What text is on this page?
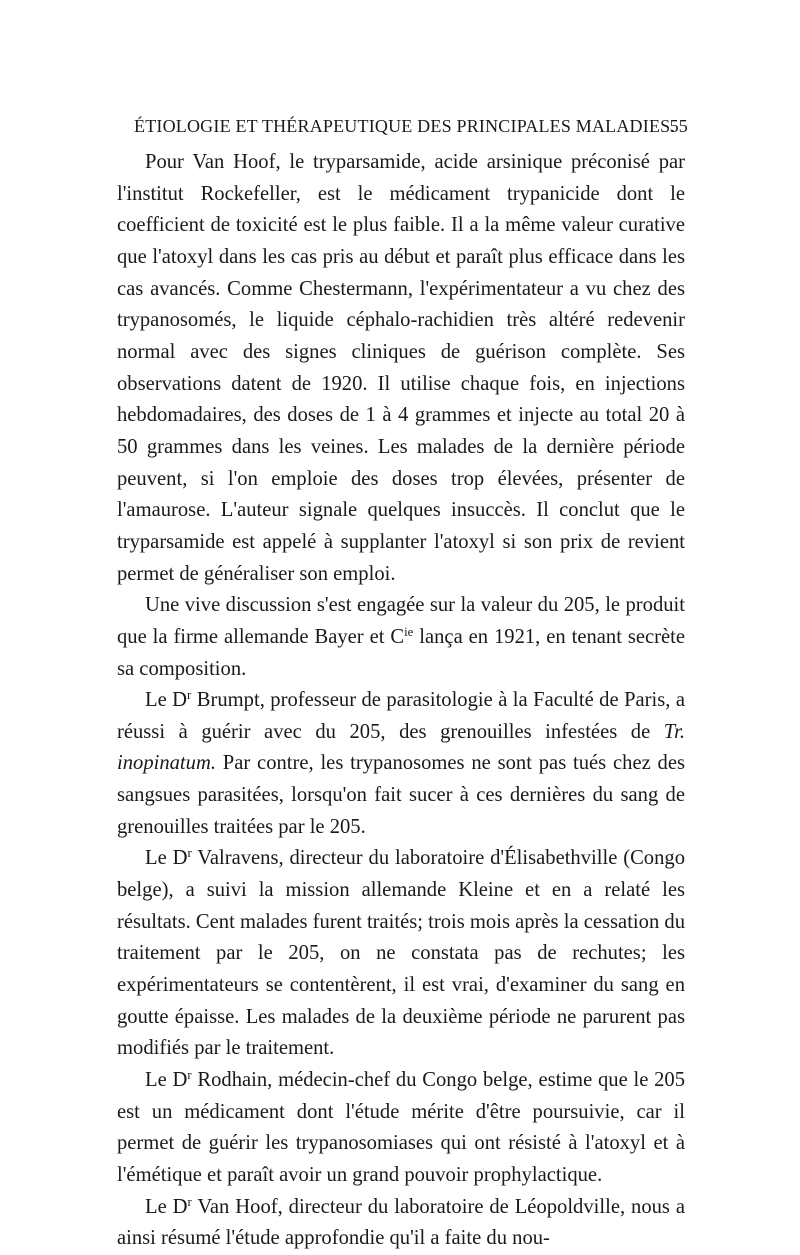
ÉTIOLOGIE ET THÉRAPEUTIQUE DES PRINCIPALES MALADIES.
55

Pour Van Hoof, le tryparsamide, acide arsinique préconisé par l'institut Rockefeller, est le médicament trypanicide dont le coefficient de toxicité est le plus faible. Il a la même valeur curative que l'atoxyl dans les cas pris au début et paraît plus efficace dans les cas avancés. Comme Chestermann, l'expérimentateur a vu chez des trypanosomés, le liquide céphalo-rachidien très altéré redevenir normal avec des signes cliniques de guérison complète. Ses observations datent de 1920. Il utilise chaque fois, en injections hebdomadaires, des doses de 1 à 4 grammes et injecte au total 20 à 50 grammes dans les veines. Les malades de la dernière période peuvent, si l'on emploie des doses trop élevées, présenter de l'amaurose. L'auteur signale quelques insuccès. Il conclut que le tryparsamide est appelé à supplanter l'atoxyl si son prix de revient permet de généraliser son emploi.

Une vive discussion s'est engagée sur la valeur du 205, le produit que la firme allemande Bayer et $C^{ie}$ lança en 1921, en tenant secrète sa composition.

Le $D^r$ Brumpt, professeur de parasitologie à la Faculté de Paris, a réussi à guérir avec du 205, des grenouilles infestées de Tr. inopinatum. Par contre, les trypanosomes ne sont pas tués chez des sangsues parasitées, lorsqu'on fait sucer à ces dernières du sang de grenouilles traitées par le 205.

Le $D^r$ Valravens, directeur du laboratoire d'Élisabethville (Congo belge), a suivi la mission allemande Kleine et en a relaté les résultats. Cent malades furent traités; trois mois après la cessation du traitement par le 205, on ne constata pas de rechutes; les expérimentateurs se contentèrent, il est vrai, d'examiner du sang en goutte épaisse. Les malades de la deuxième période ne parurent pas modifiés par le traitement.

Le $D^r$ Rodhain, médecin-chef du Congo belge, estime que le 205 est un médicament dont l'étude mérite d'être poursuivie, car il permet de guérir les trypanosomiases qui ont résisté à l'atoxyl et à l'émétique et paraît avoir un grand pouvoir prophylactique.

Le $D^r$ Van Hoof, directeur du laboratoire de Léopoldville, nous a ainsi résumé l'étude approfondie qu'il a faite du nou-
